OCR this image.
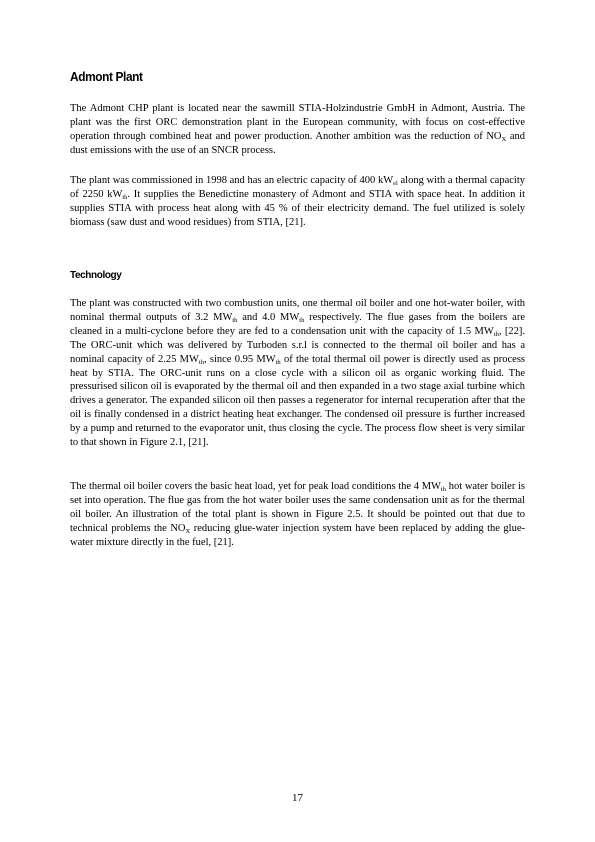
Admont Plant

The Admont CHP plant is located near the sawmill STIA-Holzindustrie GmbH in Admont, Austria. The plant was the first ORC demonstration plant in the European community, with focus on cost-effective operation through combined heat and power production. Another ambition was the reduction of $NO_X$ and dust emissions with the use of an SNCR process.

The plant was commissioned in 1998 and has an electric capacity of 400 $kW_{el}$ along with a thermal capacity of 2250 $kW_{th}$. It supplies the Benedictine monastery of Admont and STIA with space heat. In addition it supplies STIA with process heat along with 45 % of their electricity demand. The fuel utilized is solely biomass (saw dust and wood residues) from STIA, [21].

Technology

The plant was constructed with two combustion units, one thermal oil boiler and one hot-water boiler, with nominal thermal outputs of 3.2 $MW_{th}$ and 4.0 $MW_{th}$ respectively. The flue gases from the boilers are cleaned in a multi-cyclone before they are fed to a condensation unit with the capacity of 1.5 $MW_{th}$, [22]. The ORC-unit which was delivered by Turboden s.r.l is connected to the thermal oil boiler and has a nominal capacity of 2.25 $MW_{th}$, since 0.95 $MW_{th}$ of the total thermal oil power is directly used as process heat by STIA. The ORC-unit runs on a close cycle with a silicon oil as organic working fluid. The pressurised silicon oil is evaporated by the thermal oil and then expanded in a two stage axial turbine which drives a generator. The expanded silicon oil then passes a regenerator for internal recuperation after that the oil is finally condensed in a district heating heat exchanger. The condensed oil pressure is further increased by a pump and returned to the evaporator unit, thus closing the cycle. The process flow sheet is very similar to that shown in Figure 2.1, [21].

The thermal oil boiler covers the basic heat load, yet for peak load conditions the 4 $MW_{th}$ hot water boiler is set into operation. The flue gas from the hot water boiler uses the same condensation unit as for the thermal oil boiler. An illustration of the total plant is shown in Figure 2.5. It should be pointed out that due to technical problems the $NO_X$ reducing glue-water injection system have been replaced by adding the glue-water mixture directly in the fuel, [21].

17
